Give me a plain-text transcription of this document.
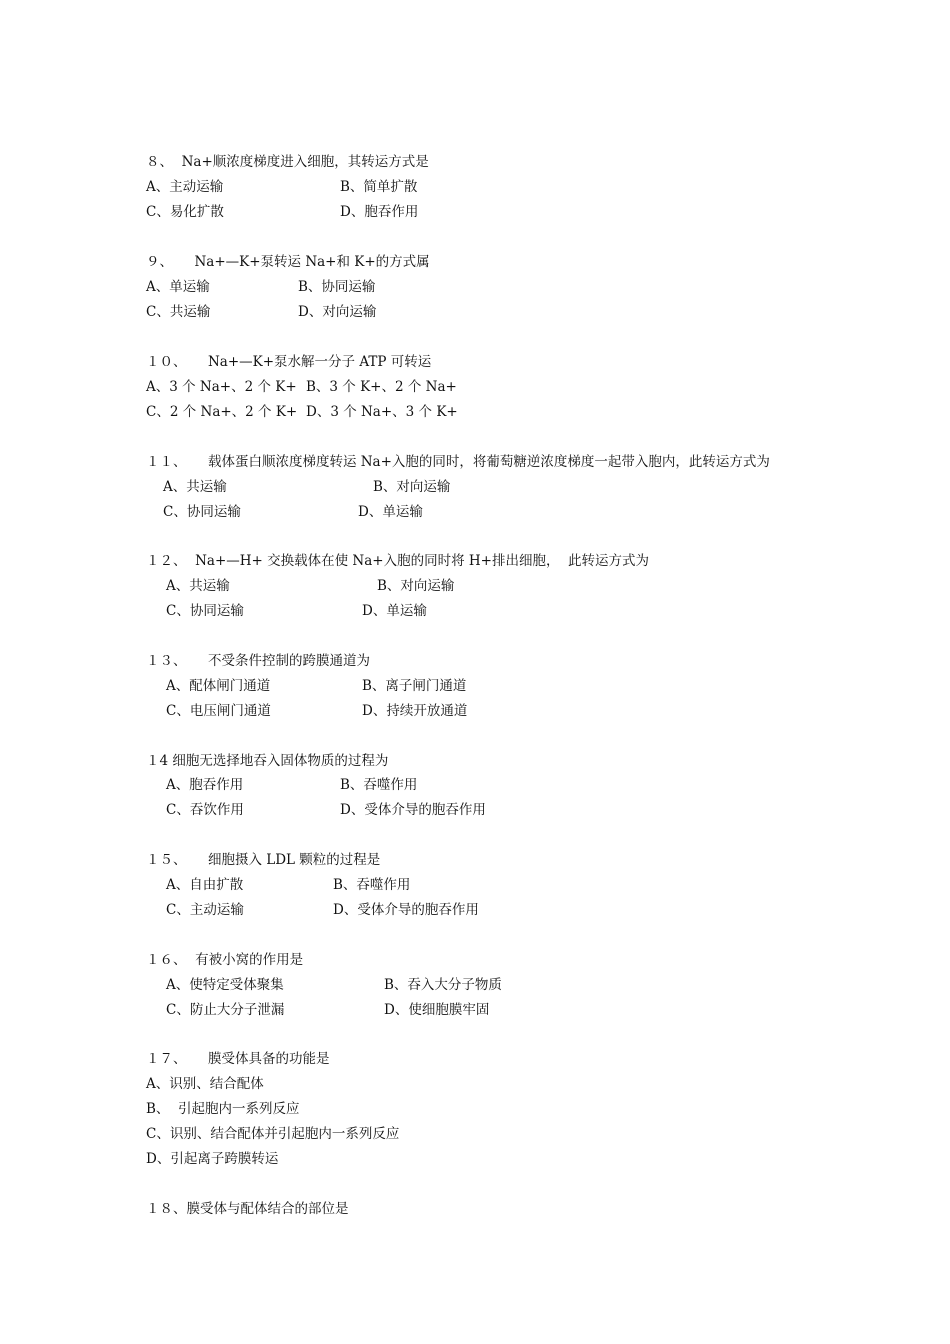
８、  Na+顺浓度梯度进入细胞，其转运方式是
A、主动运输	B、简单扩散
C、易化扩散	D、胞吞作用
９、     Na+—K+泵转运 Na+和 K+的方式属
A、单运输	B、协同运输
C、共运输	D、对向运输
１０、     Na+—K+泵水解一分子 ATP 可转运
A、3 个 Na+、2 个 K+ B、3 个 K+、2 个 Na+
C、2 个 Na+、2 个 K+ D、3 个 Na+、3 个 K+
１１、     载体蛋白顺浓度梯度转运 Na+入胞的同时，将葡萄糖逆浓度梯度一起带入胞内，此转运方式为
A、共运输	B、对向运输
C、协同运输	D、单运输
１２、  Na+—H+ 交换载体在使 Na+入胞的同时将 H+排出细胞，  此转运方式为
A、共运输	B、对向运输
C、协同运输	D、单运输
１３、     不受条件控制的跨膜通道为
A、配体闸门通道	B、离子闸门通道
C、电压闸门通道	D、持续开放通道
１4 细胞无选择地吞入固体物质的过程为
A、胞吞作用	B、吞噬作用
C、吞饮作用	D、受体介导的胞吞作用
１５、     细胞摄入 LDL 颗粒的过程是
A、自由扩散	B、吞噬作用
C、主动运输	D、受体介导的胞吞作用
１６、  有被小窝的作用是
A、使特定受体聚集	B、吞入大分子物质
C、防止大分子泄漏	D、使细胞膜牢固
１７、     膜受体具备的功能是
A、识别、结合配体
B、  引起胞内一系列反应
C、识别、结合配体并引起胞内一系列反应
D、引起离子跨膜转运
１８、膜受体与配体结合的部位是
